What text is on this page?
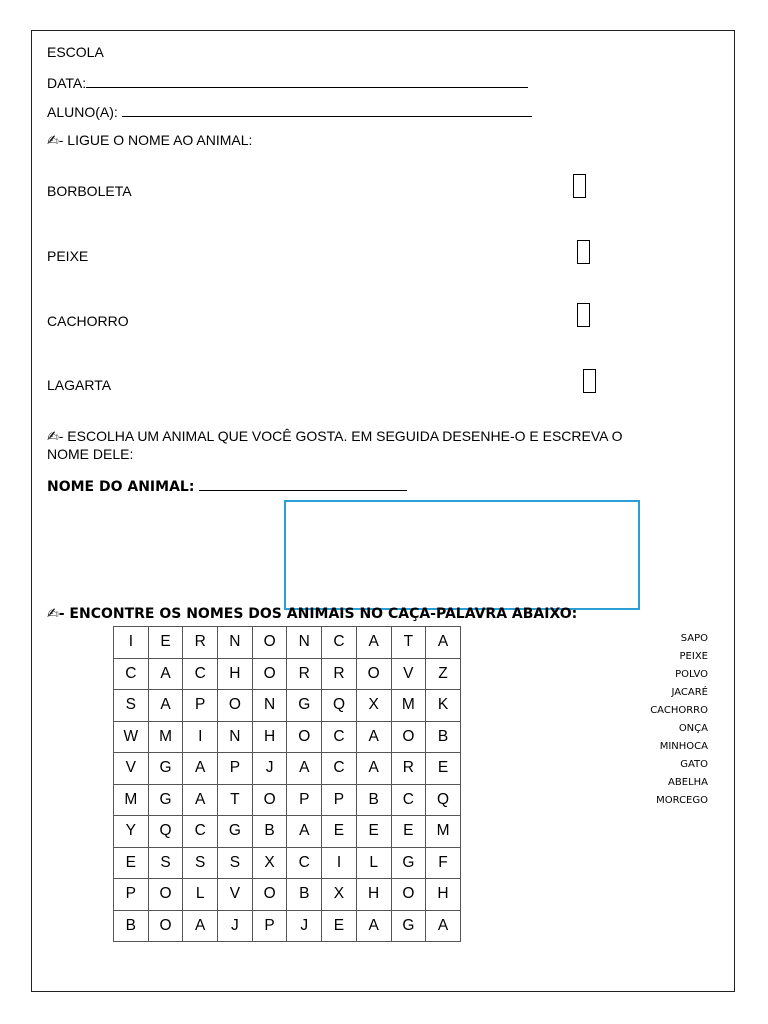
ESCOLA
DATA:
ALUNO(A):
✍- LIGUE O NOME AO ANIMAL:
BORBOLETA
PEIXE
CACHORRO
LAGARTA
✍- ESCOLHA UM ANIMAL QUE VOCÊ GOSTA. EM SEGUIDA DESENHE-O E ESCREVA O
NOME DELE:
NOME DO ANIMAL:
✍- ENCONTRE OS NOMES DOS ANIMAIS NO CAÇA-PALAVRA ABAIXO:
I	E	R	N	O	N	C	A	T	A
C	A	C	H	O	R	R	O	V	Z
S	A	P	O	N	G	Q	X	M	K
W	M	I	N	H	O	C	A	O	B
V	G	A	P	J	A	C	A	R	E
M	G	A	T	O	P	P	B	C	Q
Y	Q	C	G	B	A	E	E	E	M
E	S	S	S	X	C	I	L	G	F
P	O	L	V	O	B	X	H	O	H
B	O	A	J	P	J	E	A	G	A
SAPO
PEIXE
POLVO
JACARÉ
CACHORRO
ONÇA
MINHOCA
GATO
ABELHA
MORCEGO
